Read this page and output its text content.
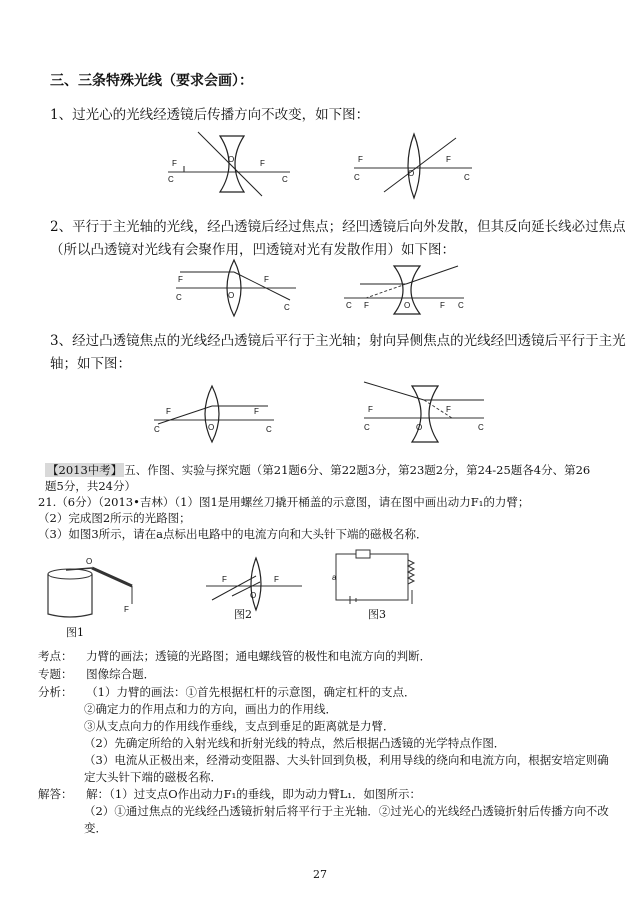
三、三条特殊光线（要求会画）：
1、过光心的光线经透镜后传播方向不改变，如下图：
F
C
O	F
C
F
C	O
F
C
2、平行于主光轴的光线，经凸透镜后经过焦点；经凹透镜后向外发散，但其反向延长线必过焦点
（所以凸透镜对光线有会聚作用，凹透镜对光有发散作用）如下图：
F
C	O
F
C	C F	O	F C
3、经过凸透镜焦点的光线经凸透镜后平行于主光轴；射向异侧焦点的光线经凹透镜后平行于主光
轴；如下图：
C
F
O
F
C
F
C	O
F
C
【2013中考】 五、作图、实验与探究题（第21题6分、第22题3分，第23题2分，第24-25题各4分、第26
题5分，共24分）
21.（6分）（2013•吉林）（1）图1是用螺丝刀撬开桶盖的示意图，请在图中画出动力F₁的力臂；
（2）完成图2所示的光路图；
（3）如图3所示，请在a点标出电路中的电流方向和大头针下端的磁极名称．
O
F
图1
F	F
O
图2
a
图3
考点： 力臂的画法；透镜的光路图；通电螺线管的极性和电流方向的判断．
专题： 图像综合题．
分析： （1）力臂的画法：①首先根据杠杆的示意图，确定杠杆的支点．
②确定力的作用点和力的方向，画出力的作用线．
③从支点向力的作用线作垂线，支点到垂足的距离就是力臂．
（2）先确定所给的入射光线和折射光线的特点，然后根据凸透镜的光学特点作图．
（3）电流从正极出来，经滑动变阻器、大头针回到负极，利用导线的绕向和电流方向，根据安培定则确
定大头针下端的磁极名称．
解答： 解：（1）过支点O作出动力F₁的垂线，即为动力臂L₁．如图所示：
（2）①通过焦点的光线经凸透镜折射后将平行于主光轴．②过光心的光线经凸透镜折射后传播方向不改
变．
27
